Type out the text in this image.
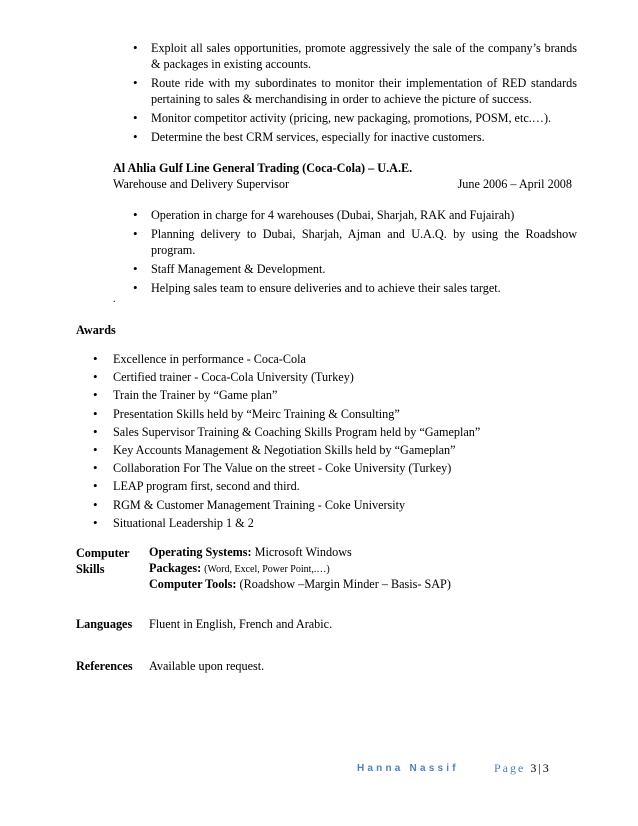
• Exploit all sales opportunities, promote aggressively the sale of the company’s brands & packages in existing accounts.
• Route ride with my subordinates to monitor their implementation of RED standards pertaining to sales & merchandising in order to achieve the picture of success.
• Monitor competitor activity (pricing, new packaging, promotions, POSM, etc.…).
• Determine the best CRM services, especially for inactive customers.
Al Ahlia Gulf Line General Trading (Coca-Cola) – U.A.E.
Warehouse and Delivery Supervisor	June 2006 – April 2008
• Operation in charge for 4 warehouses (Dubai, Sharjah, RAK and Fujairah)
• Planning delivery to Dubai, Sharjah, Ajman and U.A.Q. by using the Roadshow program.
• Staff Management & Development.
• Helping sales team to ensure deliveries and to achieve their sales target.
.
Awards
• Excellence in performance - Coca-Cola
• Certified trainer - Coca-Cola University (Turkey)
• Train the Trainer by “Game plan”
• Presentation Skills held by “Meirc Training & Consulting”
• Sales Supervisor Training & Coaching Skills Program held by “Gameplan”
• Key Accounts Management & Negotiation Skills held by “Gameplan”
• Collaboration For The Value on the street - Coke University (Turkey)
• LEAP program first, second and third.
• RGM & Customer Management Training - Coke University
• Situational Leadership 1 & 2
Computer
Skills
Operating Systems: Microsoft Windows
Packages: (Word, Excel, Power Point,.…)
Computer Tools: (Roadshow –Margin Minder – Basis- SAP)
Languages Fluent in English, French and Arabic.
References Available upon request.
Hanna Nassif	Page 3|3
